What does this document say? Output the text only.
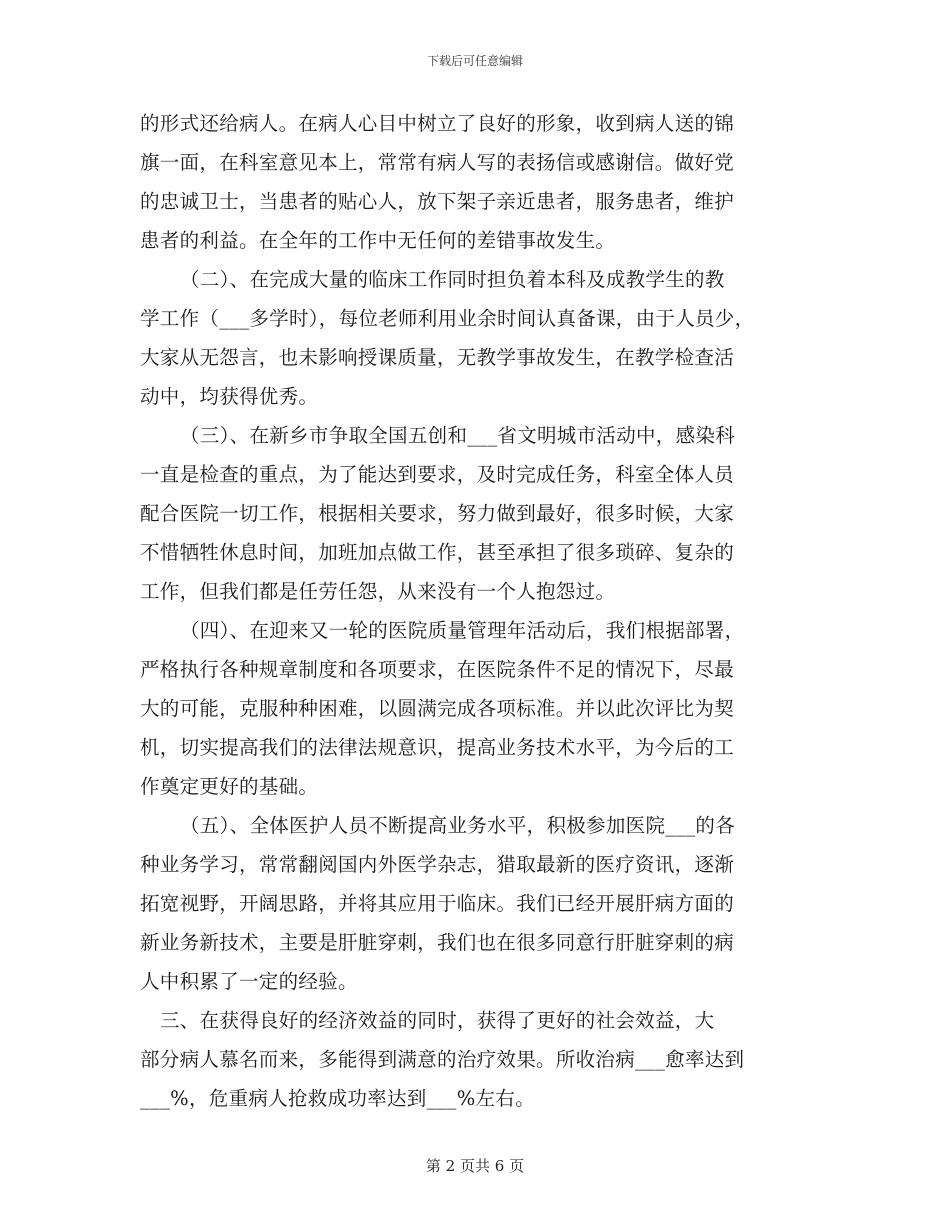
下载后可任意编辑
的形式还给病人。在病人心目中树立了良好的形象，收到病人送的锦
旗一面，在科室意见本上，常常有病人写的表扬信或感谢信。做好党
的忠诚卫士，当患者的贴心人，放下架子亲近患者，服务患者，维护
患者的利益。在全年的工作中无任何的差错事故发生。
（二）、在完成大量的临床工作同时担负着本科及成教学生的教
学工作（___多学时），每位老师利用业余时间认真备课，由于人员少，
大家从无怨言，也未影响授课质量，无教学事故发生，在教学检查活
动中，均获得优秀。
（三）、在新乡市争取全国五创和___省文明城市活动中，感染科
一直是检查的重点，为了能达到要求，及时完成任务，科室全体人员
配合医院一切工作，根据相关要求，努力做到最好，很多时候，大家
不惜牺牲休息时间，加班加点做工作，甚至承担了很多琐碎、复杂的
工作，但我们都是任劳任怨，从来没有一个人抱怨过。
（四）、在迎来又一轮的医院质量管理年活动后，我们根据部署，
严格执行各种规章制度和各项要求，在医院条件不足的情况下，尽最
大的可能，克服种种困难，以圆满完成各项标准。并以此次评比为契
机，切实提高我们的法律法规意识，提高业务技术水平，为今后的工
作奠定更好的基础。
（五）、全体医护人员不断提高业务水平，积极参加医院___的各
种业务学习，常常翻阅国内外医学杂志，猎取最新的医疗资讯，逐渐
拓宽视野，开阔思路，并将其应用于临床。我们已经开展肝病方面的
新业务新技术，主要是肝脏穿刺，我们也在很多同意行肝脏穿刺的病
人中积累了一定的经验。
三、在获得良好的经济效益的同时，获得了更好的社会效益，大
部分病人慕名而来，多能得到满意的治疗效果。所收治病___愈率达到
___%，危重病人抢救成功率达到___%左右。
第 2 页共 6 页
